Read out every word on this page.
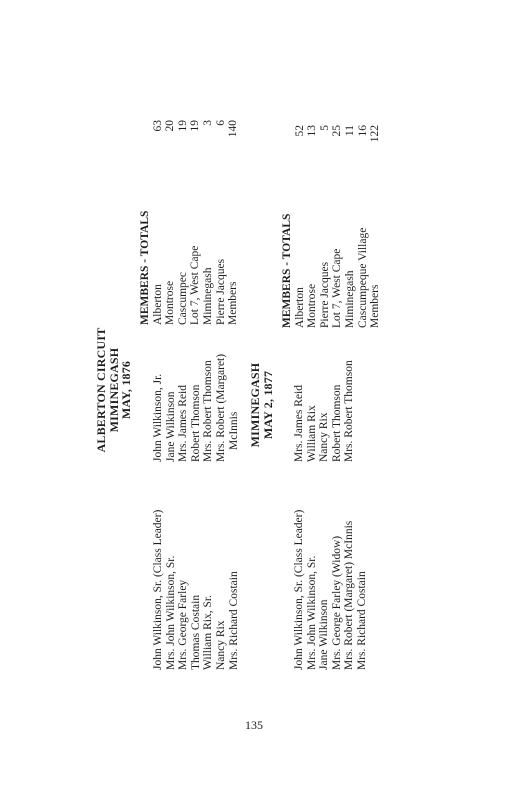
ALBERTON CIRCUIT
MIMINEGASH
MAY, 1876
John Wilkinson, Sr. (Class Leader) Mrs. John Wilkinson, Sr. Mrs. George Farley Thomas Costain William Rix, Sr. Nancy Rix Mrs. Richard Costain
John Wilkinson, Jr. Jane Wilkinson Mrs. James Reid Robert Thomson Mrs. Robert Thomson Mrs. Robert (Margaret) McInnis
MEMBERS - TOTALS Alberton Montrose Cascumpec Lot 7, West Cape Miminegash Pierre Jacques Members
63 20 19 19 3 6 140
MIMINEGASH
MAY 2, 1877
John Wilkinson, Sr. (Class Leader) Mrs. John Wilkinson, Sr. Jane Wilkinson Mrs. George Farley (Widow) Mrs. Robert (Margaret) McInnis Mrs. Richard Costain
Mrs. James Reid William Rix Nancy Rix Robert Thomson Mrs. Robert Thomson
MEMBERS - TOTALS Alberton Montrose Pierre Jacques Lot 7, West Cape Miminegash Cascumpeque Village Members
52 13 5 25 11 16 122
135
